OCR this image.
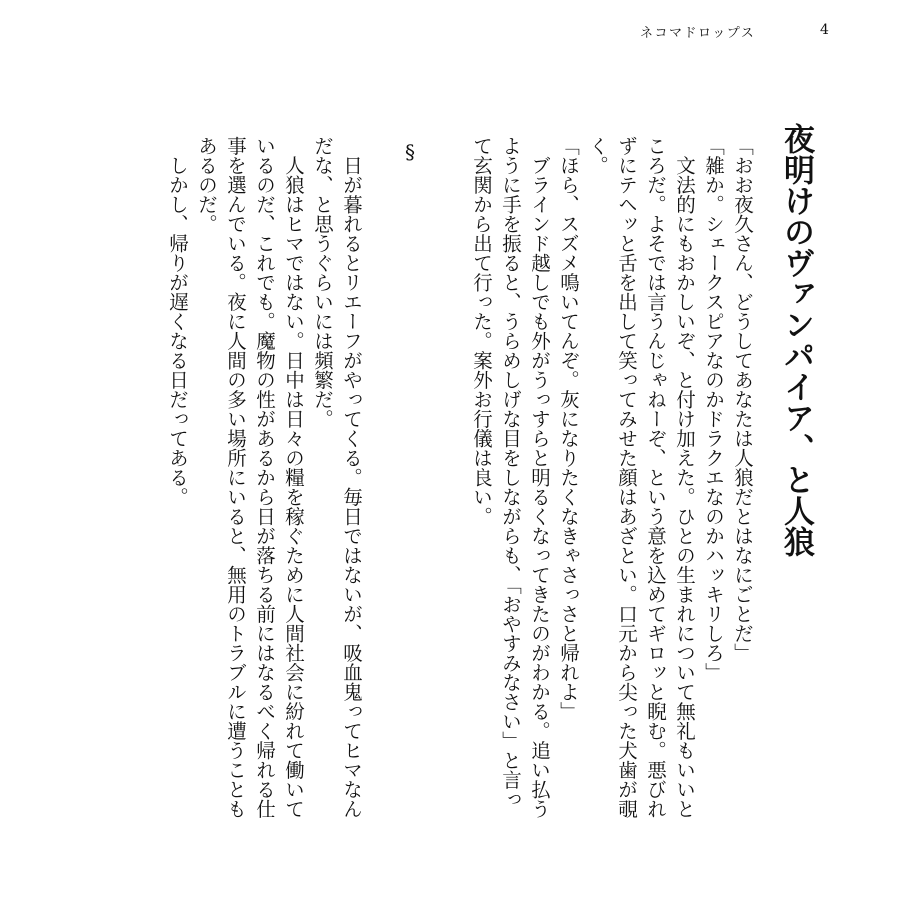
ネコマドロップス	4
夜明けのヴァンパイア、と人狼
「おお夜久さん、どうしてあなたは人狼だとはなにごとだ」
「雑か。シェークスピアなのかドラクエなのかハッキリしろ」
　文法的にもおかしいぞ、と付け加えた。ひとの生まれについて無礼もいいと
ころだ。よそでは言うんじゃねーぞ、という意を込めてギロッと睨む。悪びれ
ずにテヘッと舌を出して笑ってみせた顔はあざとい。口元から尖った犬歯が覗
く。
「ほら、スズメ鳴いてんぞ。灰になりたくなきゃさっさと帰れよ」
　ブラインド越しでも外がうっすらと明るくなってきたのがわかる。追い払う
ように手を振ると、うらめしげな目をしながらも、「おやすみなさい」と言っ
て玄関から出て行った。案外お行儀は良い。
§
　日が暮れるとリエーフがやってくる。毎日ではないが、吸血鬼ってヒマなん
だな、と思うぐらいには頻繁だ。
　人狼はヒマではない。日中は日々の糧を稼ぐために人間社会に紛れて働いて
いるのだ、これでも。魔物の性があるから日が落ちる前にはなるべく帰れる仕
事を選んでいる。夜に人間の多い場所にいると、無用のトラブルに遭うことも
あるのだ。
　しかし、帰りが遅くなる日だってある。
